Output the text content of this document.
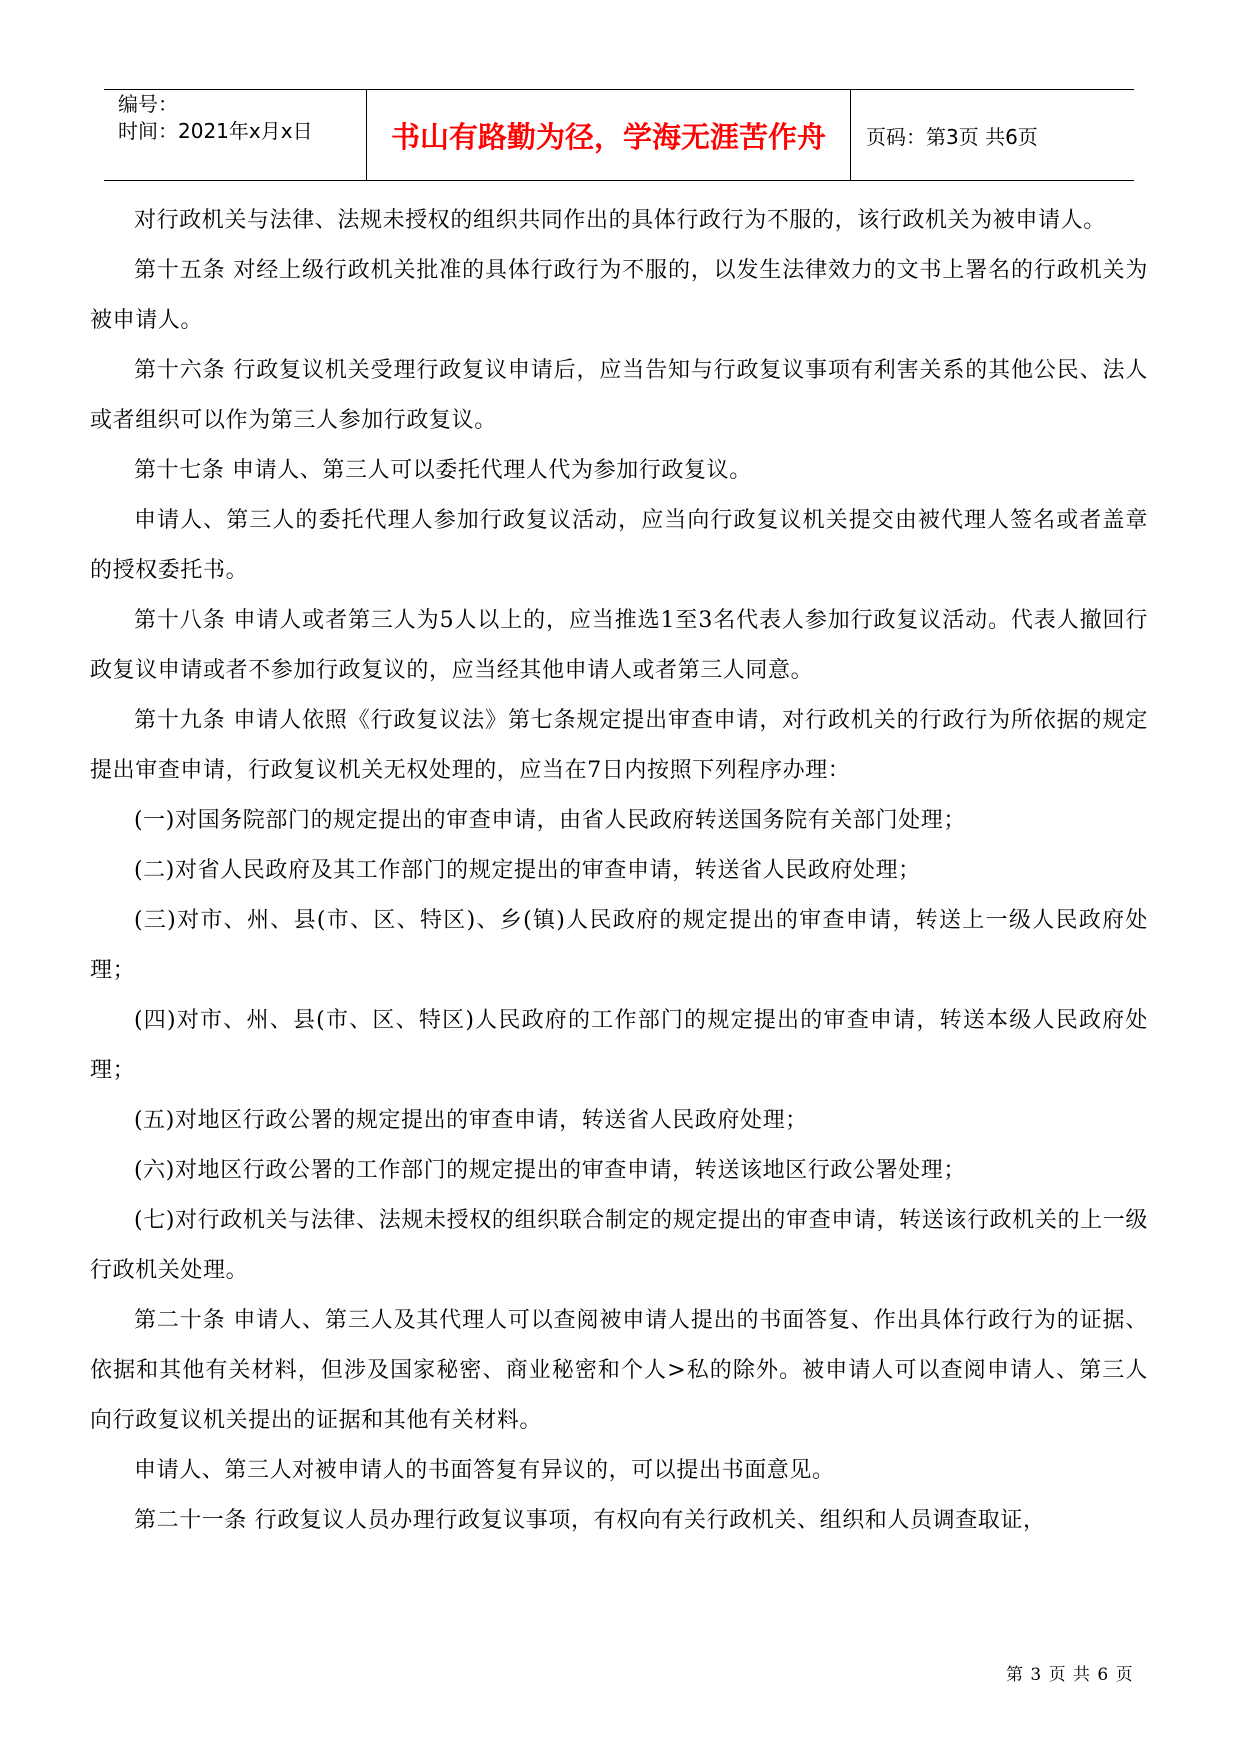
编号：
时间：2021年x月x日	书山有路勤为径，学海无涯苦作舟	页码：第3页 共6页

对行政机关与法律、法规未授权的组织共同作出的具体行政行为不服的，该行政机关为被申请人。

第十五条 对经上级行政机关批准的具体行政行为不服的，以发生法律效力的文书上署名的行政机关为被申请人。

第十六条 行政复议机关受理行政复议申请后，应当告知与行政复议事项有利害关系的其他公民、法人或者组织可以作为第三人参加行政复议。

第十七条 申请人、第三人可以委托代理人代为参加行政复议。

申请人、第三人的委托代理人参加行政复议活动，应当向行政复议机关提交由被代理人签名或者盖章的授权委托书。

第十八条 申请人或者第三人为5人以上的，应当推选1至3名代表人参加行政复议活动。代表人撤回行政复议申请或者不参加行政复议的，应当经其他申请人或者第三人同意。

第十九条 申请人依照《行政复议法》第七条规定提出审查申请，对行政机关的行政行为所依据的规定提出审查申请，行政复议机关无权处理的，应当在7日内按照下列程序办理：

(一)对国务院部门的规定提出的审查申请，由省人民政府转送国务院有关部门处理；

(二)对省人民政府及其工作部门的规定提出的审查申请，转送省人民政府处理；

(三)对市、州、县(市、区、特区)、乡(镇)人民政府的规定提出的审查申请，转送上一级人民政府处理；

(四)对市、州、县(市、区、特区)人民政府的工作部门的规定提出的审查申请，转送本级人民政府处理；

(五)对地区行政公署的规定提出的审查申请，转送省人民政府处理；

(六)对地区行政公署的工作部门的规定提出的审查申请，转送该地区行政公署处理；

(七)对行政机关与法律、法规未授权的组织联合制定的规定提出的审查申请，转送该行政机关的上一级行政机关处理。

第二十条 申请人、第三人及其代理人可以查阅被申请人提出的书面答复、作出具体行政行为的证据、依据和其他有关材料，但涉及国家秘密、商业秘密和个人>私的除外。被申请人可以查阅申请人、第三人向行政复议机关提出的证据和其他有关材料。

申请人、第三人对被申请人的书面答复有异议的，可以提出书面意见。

第二十一条 行政复议人员办理行政复议事项，有权向有关行政机关、组织和人员调查取证，

第 3 页 共 6 页
